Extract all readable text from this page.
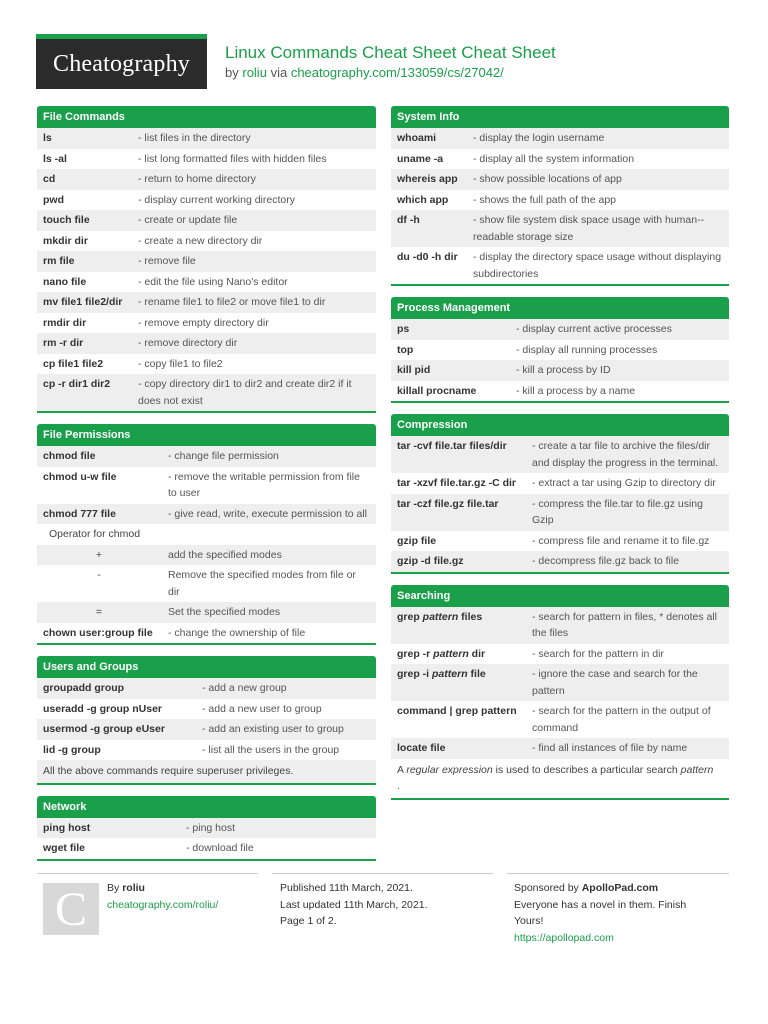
Cheatography	Linux Commands Cheat Sheet Cheat Sheet
by roliu via cheatography.com/133059/cs/27042/
File Commands
ls	- list files in the directory
ls -al	- list long formatted files with hidden files
cd	- return to home directory
pwd	- display current working directory
touch file	- create or update file
mkdir dir	- create a new directory dir
rm file	- remove file
nano file	- edit the file using Nano's editor
mv file1 file2/dir	- rename file1 to file2 or move file1 to dir
rmdir dir	- remove empty directory dir
rm -r dir	- remove directory dir
cp file1 file2	- copy file1 to file2
cp -r dir1 dir2	- copy directory dir1 to dir2 and create dir2 if it does not exist
File Permissions
chmod file	- change file permission
chmod u-w file	- remove the writable permission from file to user
chmod 777 file	- give read, write, execute permission to all
Operator for chmod
+	add the specified modes
-	Remove the specified modes from file or dir
=	Set the specified modes
chown user:group file	- change the ownership of file
Users and Groups
groupadd group	- add a new group
useradd -g group nUser	- add a new user to group
usermod -g group eUser	- add an existing user to group
lid -g group	- list all the users in the group
All the above commands require superuser privileges.
Network
ping host	- ping host
wget file	- download file
System Info
whoami	- display the login username
uname -a	- display all the system information
whereis app	- show possible locations of app
which app	- shows the full path of the app
df -h	- show file system disk space usage with human--readable storage size
du -d0 -h dir	- display the directory space usage without displaying subdirectories
Process Management
ps	- display current active processes
top	- display all running processes
kill pid	- kill a process by ID
killall procname	- kill a process by a name
Compression
tar -cvf file.tar files/dir	- create a tar file to archive the files/dir and display the progress in the terminal.
tar -xzvf file.tar.gz -C dir	- extract a tar using Gzip to directory dir
tar -czf file.gz file.tar	- compress the file.tar to file.gz using Gzip
gzip file	- compress file and rename it to file.gz
gzip -d file.gz	- decompress file.gz back to file
Searching
grep pattern files	- search for pattern in files, * denotes all the files
grep -r pattern dir	- search for the pattern in dir
grep -i pattern file	- ignore the case and search for the pattern
command | grep pattern	- search for the pattern in the output of command
locate file	- find all instances of file by name
A regular expression is used to describes a particular search pattern
.
C	By roliu
cheatography.com/roliu/
Published 11th March, 2021.
Last updated 11th March, 2021.
Page 1 of 2.
Sponsored by ApolloPad.com
Everyone has a novel in them. Finish Yours!
https://apollopad.com
